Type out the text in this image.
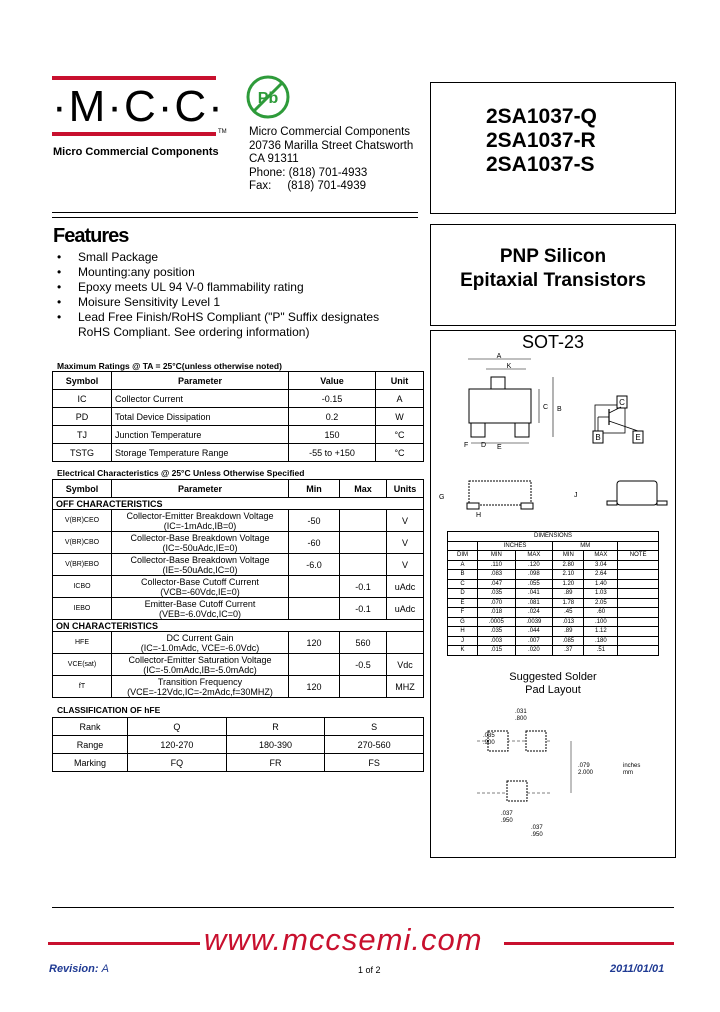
·M·C·C·
TM
Micro Commercial Components
Pb
Micro Commercial Components
20736 Marilla Street Chatsworth
CA 91311
Phone: (818) 701-4933
Fax:     (818) 701-4939
2SA1037-Q
2SA1037-R
2SA1037-S
Features
• Small Package
• Mounting:any position
• Epoxy meets UL 94 V-0 flammability rating
• Moisure Sensitivity Level 1
• Lead Free Finish/RoHS Compliant ("P" Suffix designates RoHS Compliant. See ordering information)
PNP Silicon
Epitaxial Transistors
Maximum Ratings @ TA = 25°C(unless otherwise noted)
Symbol	Parameter	Value	Unit
IC	Collector Current	-0.15	A
PD	Total Device Dissipation	0.2	W
TJ	Junction Temperature	150	°C
TSTG	Storage Temperature Range	-55 to +150	°C
Electrical Characteristics @ 25°C Unless Otherwise Specified
Symbol	Parameter	Min	Max	Units
OFF CHARACTERISTICS				
V(BR)CEO	Collector-Emitter Breakdown Voltage
(IC=-1mAdc,IB=0)	-50		V
V(BR)CBO	Collector-Base Breakdown Voltage
(IC=-50uAdc,IE=0)	-60		V
V(BR)EBO	Collector-Base Breakdown Voltage
(IE=-50uAdc,IC=0)	-6.0		V
ICBO	Collector-Base Cutoff Current
(VCB=-60Vdc,IE=0)		-0.1	uAdc
IEBO	Emitter-Base Cutoff Current
(VEB=-6.0Vdc,IC=0)		-0.1	uAdc
ON CHARACTERISTICS				
HFE	DC Current Gain
(IC=-1.0mAdc, VCE=-6.0Vdc)	120	560	
VCE(sat)	Collector-Emitter Saturation Voltage
(IC=-5.0mAdc,IB=-5.0mAdc)		-0.5	Vdc
fT	Transition Frequency
(VCE=-12Vdc,IC=-2mAdc,f=30MHZ)	120		MHZ
CLASSIFICATION OF hFE
Rank	Q	R	S
Range	120-270	180-390	270-560
Marking	FQ	FR	FS
SOT-23
A
K
C B
F D E
C
B	E
G
H
J
DIMENSIONS					
	INCHES		MM		
DIM	MIN	MAX	MIN	MAX	NOTE
A	.110	.120	2.80	3.04	
B	.083	.098	2.10	2.64	
C	.047	.055	1.20	1.40	
D	.035	.041	.89	1.03	
E	.070	.081	1.78	2.05	
F	.018	.024	.45	.60	
G	.0005	.0039	.013	.100	
H	.035	.044	.89	1.12	
J	.003	.007	.085	.180	
K	.015	.020	.37	.51	
Suggested Solder
Pad Layout
.031
.800
.035
.900
.079
2.000
inches
mm
.037
.950
.037
.950
www.mccsemi.com
Revision: A	1 of 2	2011/01/01
